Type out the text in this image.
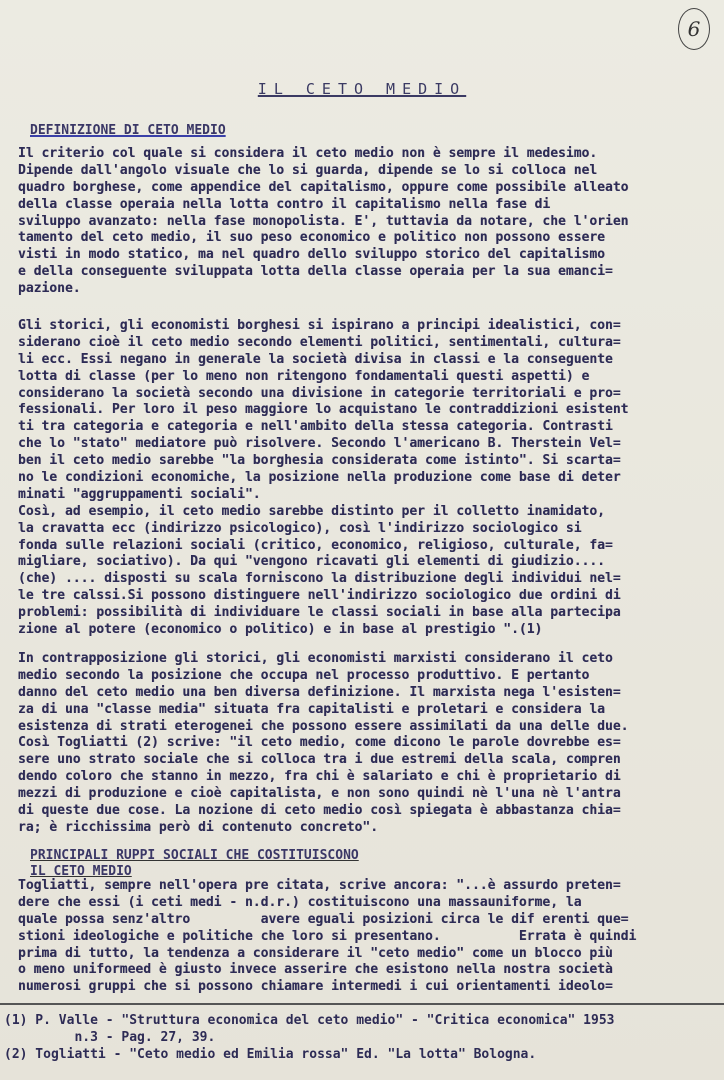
6
IL CETO MEDIO
DEFINIZIONE DI CETO MEDIO
Il criterio col quale si considera il ceto medio non è sempre il medesimo.
Dipende dall'angolo visuale che lo si guarda, dipende se lo si colloca nel
quadro borghese, come appendice del capitalismo, oppure come possibile alleato
della classe operaia nella lotta contro il capitalismo nella fase di
sviluppo avanzato: nella fase monopolista. E', tuttavia da notare, che l'orien
tamento del ceto medio, il suo peso economico e politico non possono essere
visti in modo statico, ma nel quadro dello sviluppo storico del capitalismo
e della conseguente sviluppata lotta della classe operaia per la sua emanci=
pazione.
Gli storici, gli economisti borghesi si ispirano a principi idealistici, con=
siderano cioè il ceto medio secondo elementi politici, sentimentali, cultura=
li ecc. Essi negano in generale la società divisa in classi e la conseguente
lotta di classe (per lo meno non ritengono fondamentali questi aspetti) e
considerano la società secondo una divisione in categorie territoriali e pro=
fessionali. Per loro il peso maggiore lo acquistano le contraddizioni esistent
ti tra categoria e categoria e nell'ambito della stessa categoria. Contrasti
che lo "stato" mediatore può risolvere. Secondo l'americano B. Therstein Vel=
ben il ceto medio sarebbe "la borghesia considerata come istinto". Si scarta=
no le condizioni economiche, la posizione nella produzione come base di deter
minati "aggruppamenti sociali".
Così, ad esempio, il ceto medio sarebbe distinto per il colletto inamidato,
la cravatta ecc (indirizzo psicologico), così l'indirizzo sociologico si
fonda sulle relazioni sociali (critico, economico, religioso, culturale, fa=
migliare, sociativo). Da qui "vengono ricavati gli elementi di giudizio....
(che) .... disposti su scala forniscono la distribuzione degli individui nel=
le tre calssi.Si possono distinguere nell'indirizzo sociologico due ordini di
problemi: possibilità di individuare le classi sociali in base alla partecipa
zione al potere (economico o politico) e in base al prestigio ".(1)
In contrapposizione gli storici, gli economisti marxisti considerano il ceto
medio secondo la posizione che occupa nel processo produttivo. E pertanto
danno del ceto medio una ben diversa definizione. Il marxista nega l'esisten=
za di una "classe media" situata fra capitalisti e proletari e considera la
esistenza di strati eterogenei che possono essere assimilati da una delle due.
Così Togliatti (2) scrive: "il ceto medio, come dicono le parole dovrebbe es=
sere uno strato sociale che si colloca tra i due estremi della scala, compren
dendo coloro che stanno in mezzo, fra chi è salariato e chi è proprietario di
mezzi di produzione e cioè capitalista, e non sono quindi nè l'una nè l'antra
di queste due cose. La nozione di ceto medio così spiegata è abbastanza chia=
ra; è ricchissima però di contenuto concreto".
PRINCIPALI RUPPI SOCIALI CHE COSTITUISCONO
IL CETO MEDIO
Togliatti, sempre nell'opera pre citata, scrive ancora: "...è assurdo preten=
dere che essi (i ceti medi - n.d.r.) costituiscono una massauniforme, la
quale possa senz'altro         avere eguali posizioni circa le dif erenti que=
stioni ideologiche e politiche che loro si presentano.          Errata è quindi
prima di tutto, la tendenza a considerare il "ceto medio" come un blocco più
o meno uniformeed è giusto invece asserire che esistono nella nostra società
numerosi gruppi che si possono chiamare intermedi i cui orientamenti ideolo=
(1) P. Valle - "Struttura economica del ceto medio" - "Critica economica" 1953
n.3 - Pag. 27, 39.
(2) Togliatti - "Ceto medio ed Emilia rossa" Ed. "La lotta" Bologna.
